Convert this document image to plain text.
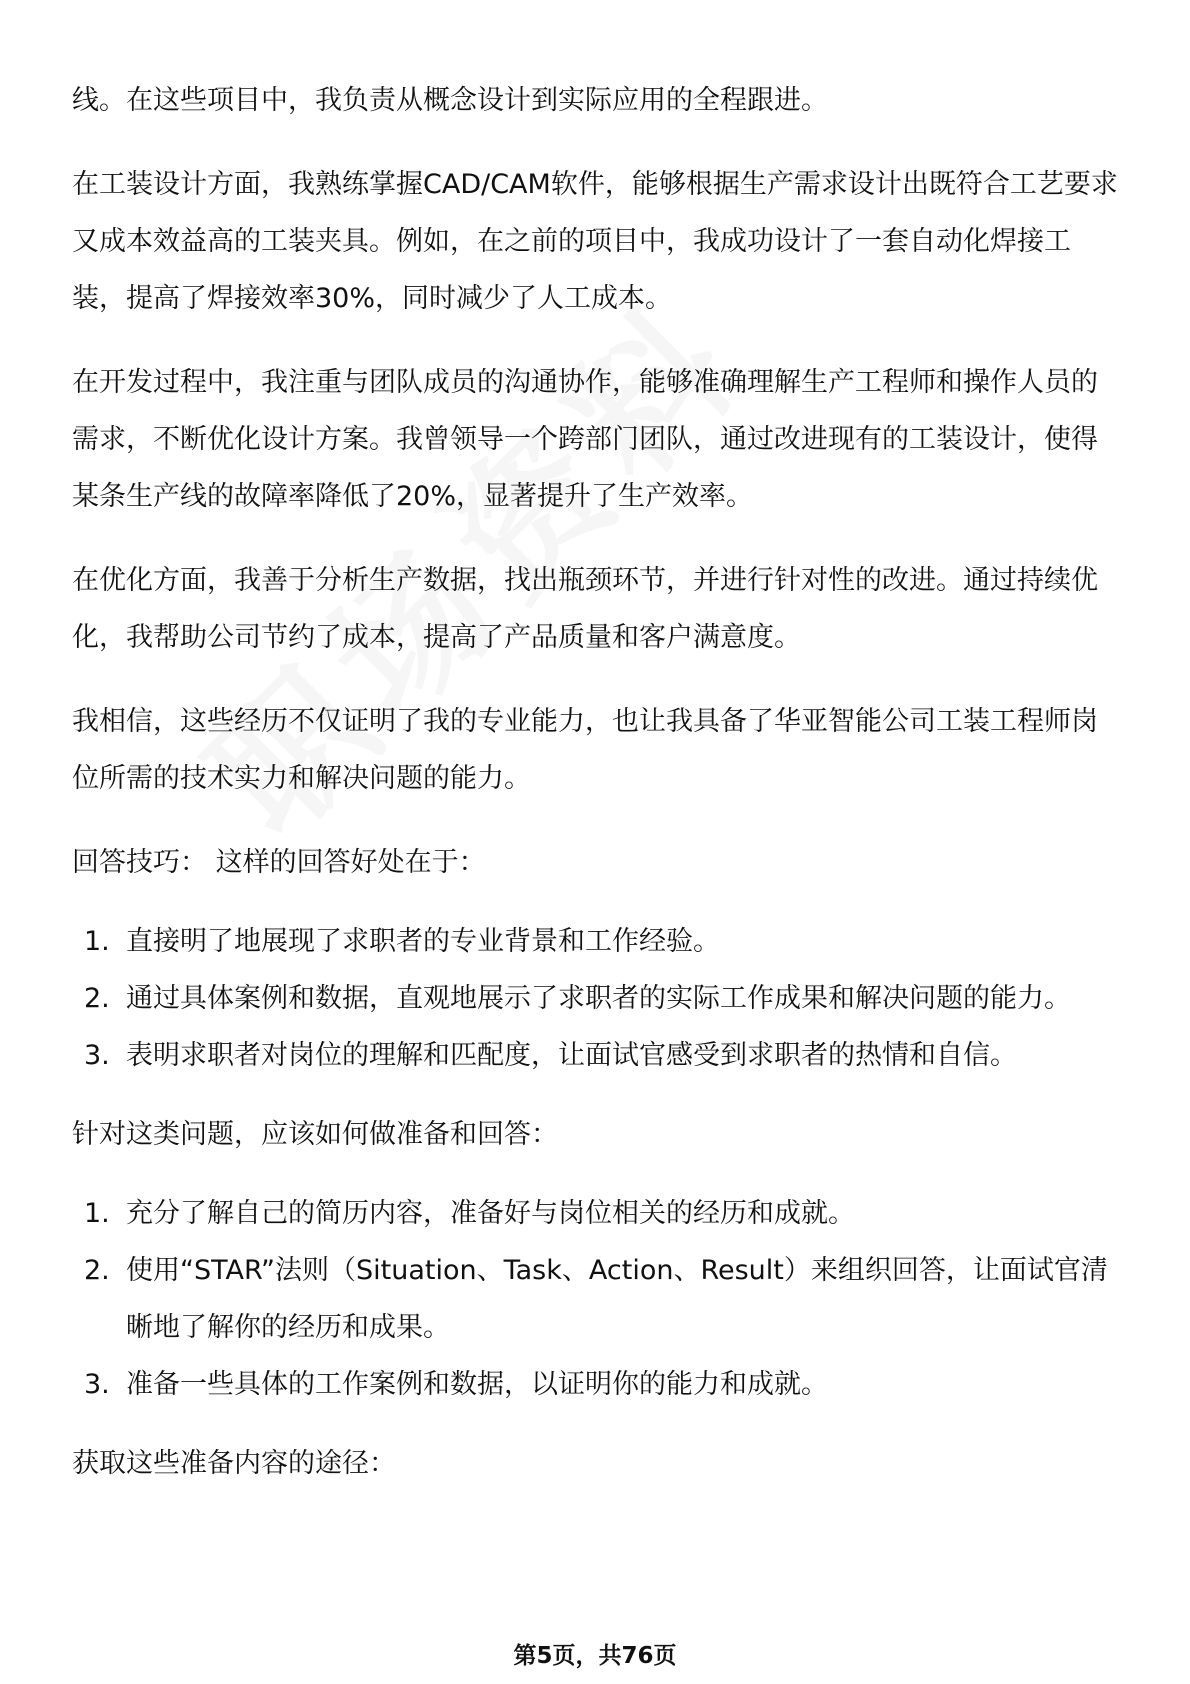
线。在这些项目中，我负责从概念设计到实际应用的全程跟进。

在工装设计方面，我熟练掌握CAD/CAM软件，能够根据生产需求设计出既符合工艺要求又成本效益高的工装夹具。例如，在之前的项目中，我成功设计了一套自动化焊接工装，提高了焊接效率30%，同时减少了人工成本。

在开发过程中，我注重与团队成员的沟通协作，能够准确理解生产工程师和操作人员的需求，不断优化设计方案。我曾领导一个跨部门团队，通过改进现有的工装设计，使得某条生产线的故障率降低了20%，显著提升了生产效率。

在优化方面，我善于分析生产数据，找出瓶颈环节，并进行针对性的改进。通过持续优化，我帮助公司节约了成本，提高了产品质量和客户满意度。

我相信，这些经历不仅证明了我的专业能力，也让我具备了华亚智能公司工装工程师岗位所需的技术实力和解决问题的能力。

回答技巧： 这样的回答好处在于：

1. 直接明了地展现了求职者的专业背景和工作经验。
2. 通过具体案例和数据，直观地展示了求职者的实际工作成果和解决问题的能力。
3. 表明求职者对岗位的理解和匹配度，让面试官感受到求职者的热情和自信。

针对这类问题，应该如何做准备和回答：

1. 充分了解自己的简历内容，准备好与岗位相关的经历和成就。
2. 使用“STAR”法则（Situation、Task、Action、Result）来组织回答，让面试官清晰地了解你的经历和成果。
3. 准备一些具体的工作案例和数据，以证明你的能力和成就。

获取这些准备内容的途径：

第5页，共76页
